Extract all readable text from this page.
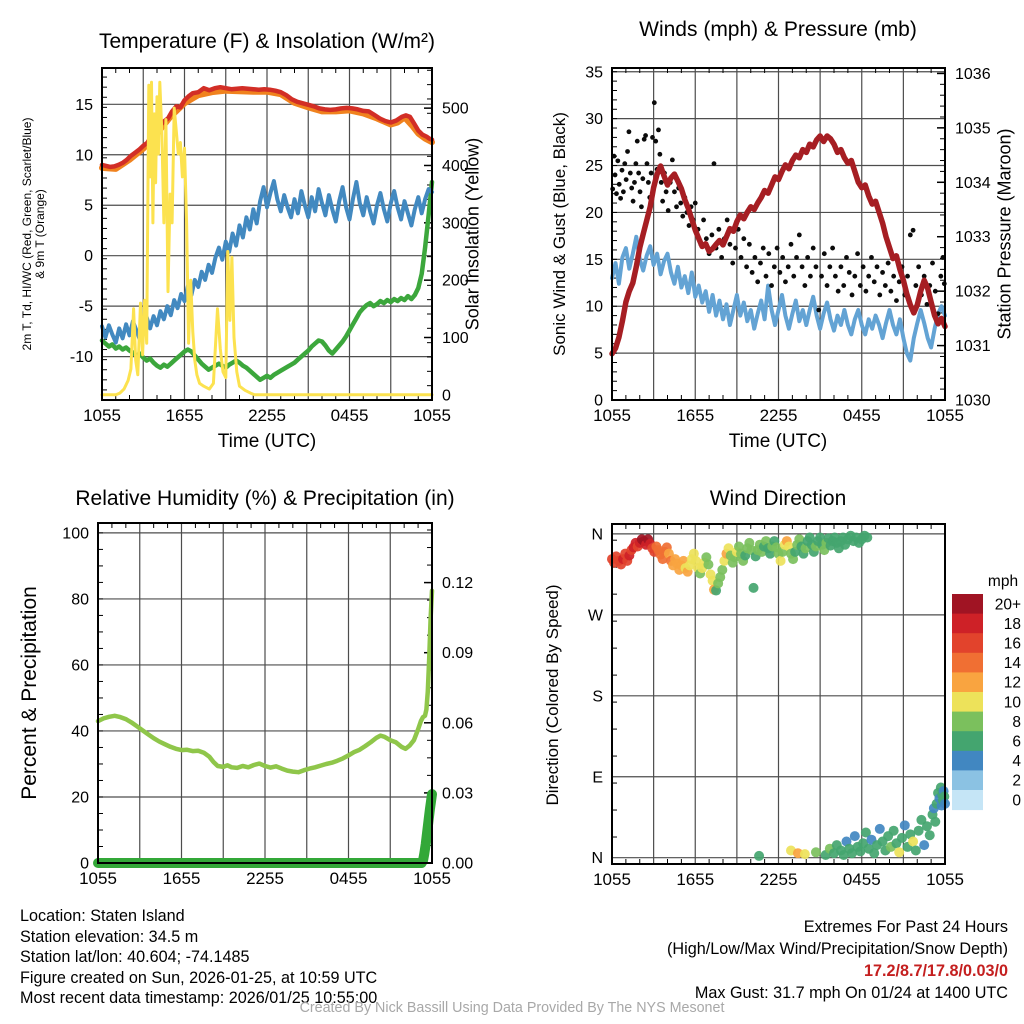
1055	1655	2255	0455	1055
-10
-5
0
5
10
15
0
100
200
300
400
500
1055	1655	2255	0455	1055
0
5
10
15
20
25
30
35
1030
1031
1032
1033
1034
1035
1036
1055	1655	2255	0455	1055
0
20
40
60
80
100
0.00
0.03
0.06
0.09
0.12
1055	1655	2255	0455	1055
N
E
S
W
N
mph
20+
18
16
14
12
10
8
6
4
2
0
Temperature (F) & Insolation (W/m²)
Winds (mph) & Pressure (mb)
Relative Humidity (%) & Precipitation (in)	Wind Direction
Time (UTC)	Time (UTC)
2m T, Td, HI/WC (Red, Green, Scarlet/Blue) & 9m T (Orange)	Solar Insolation (Yellow)	Sonic Wind & Gust (Blue, Black)	Station Pressure (Maroon)
Percent & Precipitation	Direction (Colored By Speed)
Location: Staten Island
Station elevation: 34.5 m
Station lat/lon: 40.604; -74.1485
Figure created on Sun, 2026-01-25, at 10:59 UTC
Most recent data timestamp: 2026/01/25 10:55:00
Extremes For Past 24 Hours
(High/Low/Max Wind/Precipitation/Snow Depth)
17.2/8.7/17.8/0.03/0
Max Gust: 31.7 mph On 01/24 at 1400 UTC
Created By Nick Bassill Using Data Provided By The NYS Mesonet
